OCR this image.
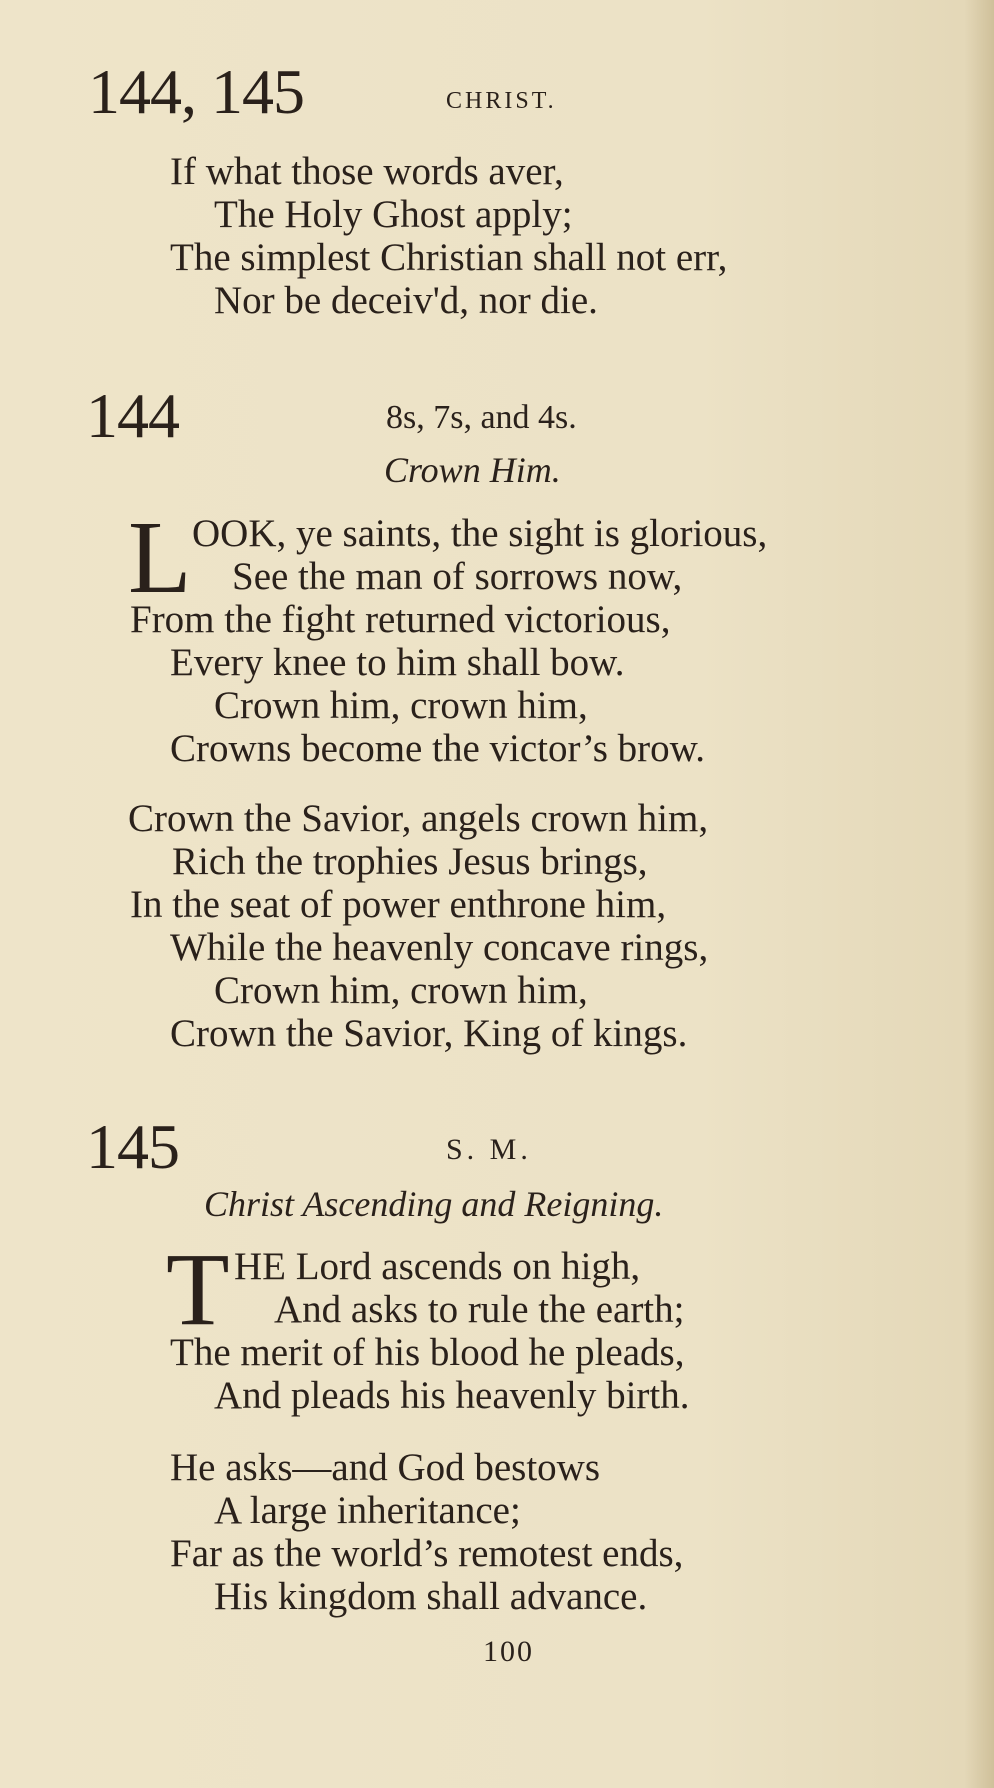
144, 145	CHRIST.
If what those words aver,
The Holy Ghost apply;
The simplest Christian shall not err,
Nor be deceiv'd, nor die.
144	8s, 7s, and 4s.
Crown Him.
L OOK, ye saints, the sight is glorious,
See the man of sorrows now,
From the fight returned victorious,
Every knee to him shall bow.
Crown him, crown him,
Crowns become the victor’s brow.
Crown the Savior, angels crown him,
Rich the trophies Jesus brings,
In the seat of power enthrone him,
While the heavenly concave rings,
Crown him, crown him,
Crown the Savior, King of kings.
145	S. M.
Christ Ascending and Reigning.
T HE Lord ascends on high,
And asks to rule the earth;
The merit of his blood he pleads,
And pleads his heavenly birth.
He asks—and God bestows
A large inheritance;
Far as the world’s remotest ends,
His kingdom shall advance.
100
